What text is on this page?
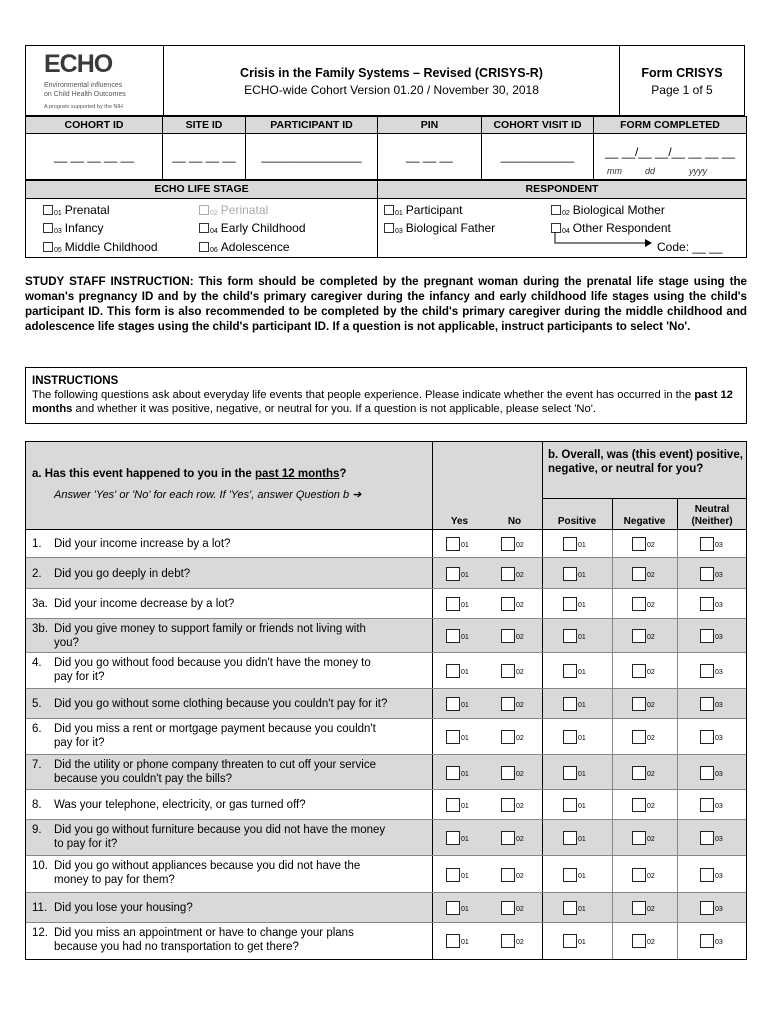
ECHO
Environmental influences
on Child Health Outcomes
A program supported by the NIH
Crisis in the Family Systems – Revised (CRISYS-R)
ECHO-wide Cohort Version 01.20 / November 30, 2018
Form CRISYS
Page 1 of 5
COHORT ID	SITE ID	PARTICIPANT ID	PIN	COHORT VISIT ID	FORM COMPLETED
__ __ __ __ __	__ __ __ __	_______________	__ __ __	___________	__ __/__ __/__ __ __ __
mm	dd	yyyy
ECHO LIFE STAGE	RESPONDENT
01 Prenatal	02 Perinatal
03 Infancy	04 Early Childhood
05 Middle Childhood	06 Adolescence
01 Participant	02 Biological Mother
03 Biological Father	04 Other Respondent
Code: __ __
STUDY STAFF INSTRUCTION: This form should be completed by the pregnant woman during the prenatal life stage using the woman's pregnancy ID and by the child's primary caregiver during the infancy and early childhood life stages using the child's participant ID. This form is also recommended to be completed by the child's primary caregiver during the middle childhood and adolescence life stages using the child's participant ID. If a question is not applicable, instruct participants to select 'No'.
INSTRUCTIONS
The following questions ask about everyday life events that people experience. Please indicate whether the event has occurred in the past 12 months and whether it was positive, negative, or neutral for you. If a question is not applicable, please select 'No'.
a. Has this event happened to you in the past 12 months?
Answer 'Yes' or 'No' for each row. If 'Yes', answer Question b ➔
b. Overall, was (this event) positive, negative, or neutral for you?
Yes	No	Positive	Negative
Neutral
(Neither)
1. Did your income increase by a lot?	01	02	01	02	03
2. Did you go deeply in debt?	01	02	01	02	03
3a. Did your income decrease by a lot?	01	02	01	02	03
3b. Did you give money to support family or friends not living with
you?	01	02	01	02	03
4. Did you go without food because you didn't have the money to
pay for it?	01	02	01	02	03
5. Did you go without some clothing because you couldn't pay for it?	01	02	01	02	03
6. Did you miss a rent or mortgage payment because you couldn't
pay for it?	01	02	01	02	03
7. Did the utility or phone company threaten to cut off your service
because you couldn't pay the bills?	01	02	01	02	03
8. Was your telephone, electricity, or gas turned off?	01	02	01	02	03
9. Did you go without furniture because you did not have the money
to pay for it?	01	02	01	02	03
10. Did you go without appliances because you did not have the
money to pay for them?	01	02	01	02	03
11. Did you lose your housing?	01	02	01	02	03
12. Did you miss an appointment or have to change your plans
because you had no transportation to get there?	01	02	01	02	03
